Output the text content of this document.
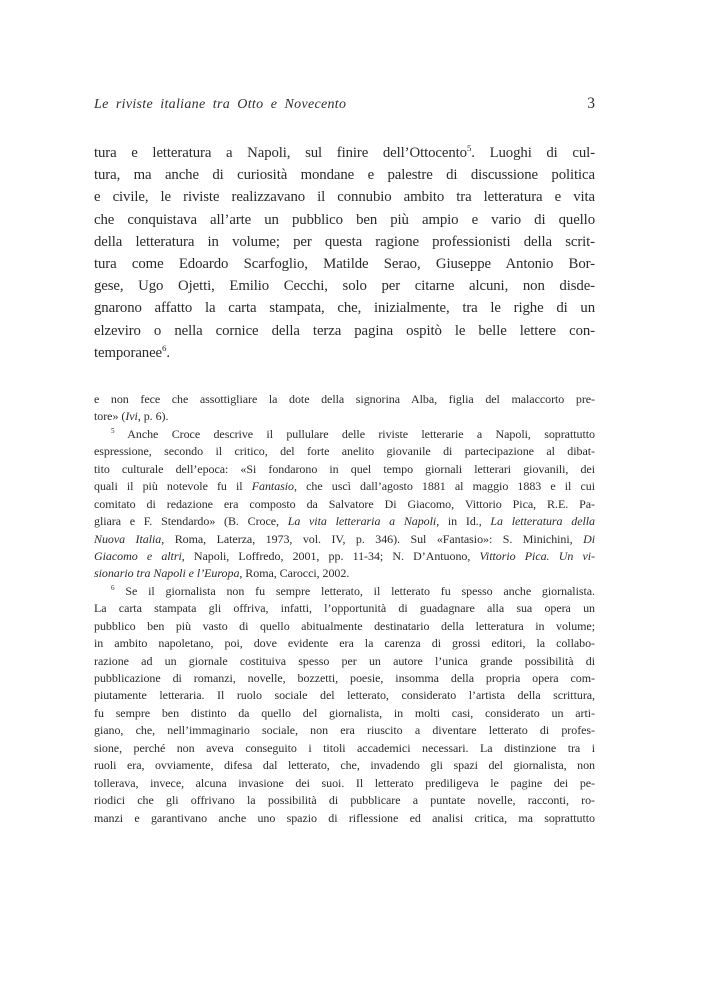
Le riviste italiane tra Otto e Novecento	3
tura e letteratura a Napoli, sul finire dell’Ottocento$^5$. Luoghi di cul-
tura, ma anche di curiosità mondane e palestre di discussione politica
e civile, le riviste realizzavano il connubio ambito tra letteratura e vita
che conquistava all’arte un pubblico ben più ampio e vario di quello
della letteratura in volume; per questa ragione professionisti della scrit-
tura come Edoardo Scarfoglio, Matilde Serao, Giuseppe Antonio Bor-
gese, Ugo Ojetti, Emilio Cecchi, solo per citarne alcuni, non disde-
gnarono affatto la carta stampata, che, inizialmente, tra le righe di un
elzeviro o nella cornice della terza pagina ospitò le belle lettere con-
temporanee$^6$.
e non fece che assottigliare la dote della signorina Alba, figlia del malaccorto pre-
tore» (Ivi, p. 6).
$^5$ Anche Croce descrive il pullulare delle riviste letterarie a Napoli, soprattutto
espressione, secondo il critico, del forte anelito giovanile di partecipazione al dibat-
tito culturale dell’epoca: «Si fondarono in quel tempo giornali letterari giovanili, dei
quali il più notevole fu il Fantasio, che uscì dall’agosto 1881 al maggio 1883 e il cui
comitato di redazione era composto da Salvatore Di Giacomo, Vittorio Pica, R.E. Pa-
gliara e F. Stendardo» (B. Croce, La vita letteraria a Napoli, in Id., La letteratura della
Nuova Italia, Roma, Laterza, 1973, vol. IV, p. 346). Sul «Fantasio»: S. Minichini, Di
Giacomo e altri, Napoli, Loffredo, 2001, pp. 11-34; N. D’Antuono, Vittorio Pica. Un vi-
sionario tra Napoli e l’Europa, Roma, Carocci, 2002.
$^6$ Se il giornalista non fu sempre letterato, il letterato fu spesso anche giornalista.
La carta stampata gli offriva, infatti, l’opportunità di guadagnare alla sua opera un
pubblico ben più vasto di quello abitualmente destinatario della letteratura in volume;
in ambito napoletano, poi, dove evidente era la carenza di grossi editori, la collabo-
razione ad un giornale costituiva spesso per un autore l’unica grande possibilità di
pubblicazione di romanzi, novelle, bozzetti, poesie, insomma della propria opera com-
piutamente letteraria. Il ruolo sociale del letterato, considerato l’artista della scrittura,
fu sempre ben distinto da quello del giornalista, in molti casi, considerato un arti-
giano, che, nell’immaginario sociale, non era riuscito a diventare letterato di profes-
sione, perché non aveva conseguito i titoli accademici necessari. La distinzione tra i
ruoli era, ovviamente, difesa dal letterato, che, invadendo gli spazi del giornalista, non
tollerava, invece, alcuna invasione dei suoi. Il letterato prediligeva le pagine dei pe-
riodici che gli offrivano la possibilità di pubblicare a puntate novelle, racconti, ro-
manzi e garantivano anche uno spazio di riflessione ed analisi critica, ma soprattutto
